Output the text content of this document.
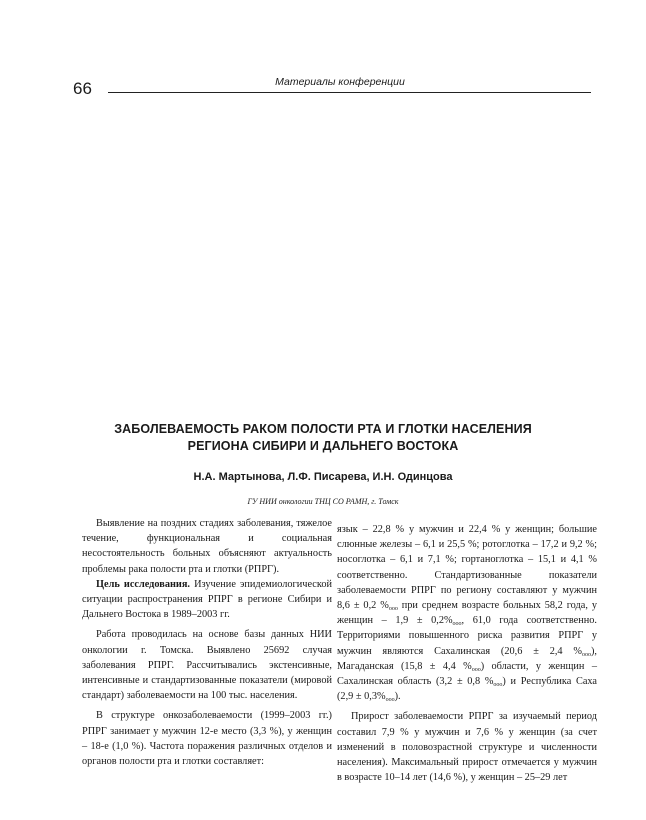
66	Материалы конференции
ЗАБОЛЕВАЕМОСТЬ РАКОМ ПОЛОСТИ РТА И ГЛОТКИ НАСЕЛЕНИЯ
РЕГИОНА СИБИРИ И ДАЛЬНЕГО ВОСТОКА
Н.А. Мартынова, Л.Ф. Писарева, И.Н. Одинцова
ГУ НИИ онкологии ТНЦ СО РАМН, г. Томск

Выявление на поздних стадиях заболевания, тяжелое течение, функциональная и социальная несостоятельность больных объясняют актуальность проблемы рака полости рта и глотки (РПРГ).

Цель исследования. Изучение эпидемиологической ситуации распространения РПРГ в регионе Сибири и Дальнего Востока в 1989–2003 гг.

Работа проводилась на основе базы данных НИИ онкологии г. Томска. Выявлено 25692 случая заболевания РПРГ. Рассчитывались экстенсивные, интенсивные и стандартизованные показатели (мировой стандарт) заболеваемости на 100 тыс. населения.

В структуре онкозаболеваемости (1999–2003 гг.) РПРГ занимает у мужчин 12-е место (3,3 %), у женщин – 18-е (1,0 %). Частота поражения различных отделов и органов полости рта и глотки составляет:

язык – 22,8 % у мужчин и 22,4 % у женщин; большие слюнные железы – 6,1 и 25,5 %; ротоглотка – 17,2 и 9,2 %; носоглотка – 6,1 и 7,1 %; гортаноглотка – 15,1 и 4,1 % соответственно. Стандартизованные показатели заболеваемости РПРГ по региону составляют у мужчин 8,6 ± 0,2 $\%_{ооо}$ при среднем возрасте больных 58,2 года, у женщин – $1,9 \pm 0,2\%_{ооо}$, 61,0 года соответственно. Территориями повышенного риска развития РПРГ у мужчин являются Сахалинская (20,6 ± 2,4 $\%_{ооо}$), Магаданская (15,8 ± 4,4 $\%_{ооо}$) области, у женщин – Сахалинская область (3,2 ± 0,8 $\%_{ооо}$) и Республика Саха $(2,9 \pm 0,3\%_{ооо})$.

Прирост заболеваемости РПРГ за изучаемый период составил 7,9 % у мужчин и 7,6 % у женщин (за счет изменений в половозрастной структуре и численности населения). Максимальный прирост отмечается у мужчин в возрасте 10–14 лет (14,6 %), у женщин – 25–29 лет
